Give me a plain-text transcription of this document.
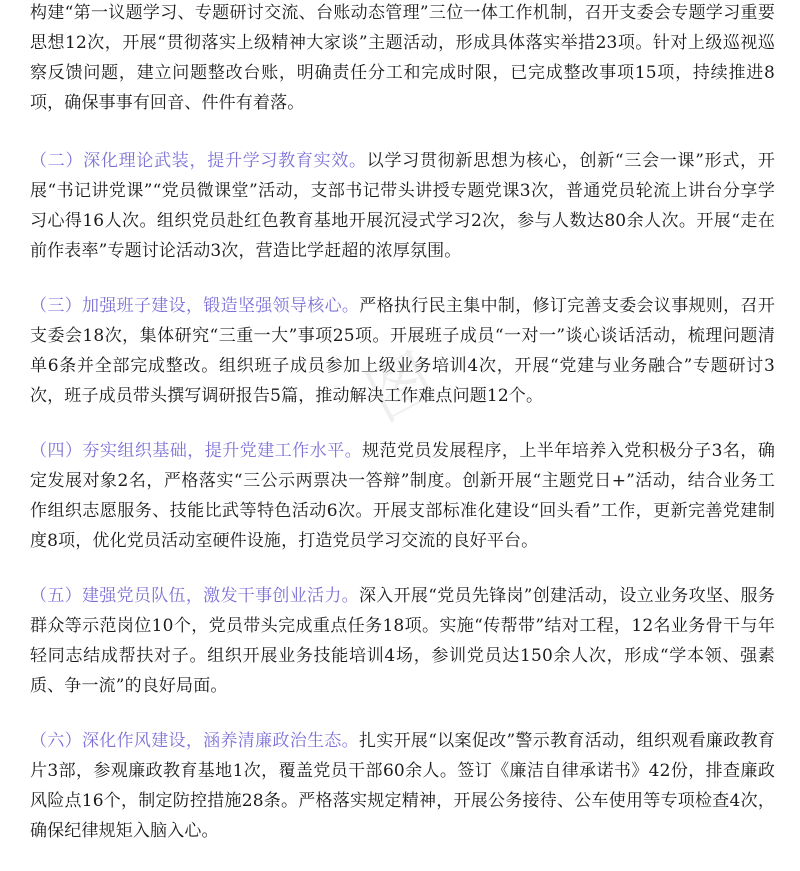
图

构建“第一议题学习、专题研讨交流、台账动态管理”三位一体工作机制，召开支委会专题学习重要思想12次，开展“贯彻落实上级精神大家谈”主题活动，形成具体落实举措23项。针对上级巡视巡察反馈问题，建立问题整改台账，明确责任分工和完成时限，已完成整改事项15项，持续推进8项，确保事事有回音、件件有着落。

（二）深化理论武装，提升学习教育实效。以学习贯彻新思想为核心，创新“三会一课”形式，开展“书记讲党课”“党员微课堂”活动，支部书记带头讲授专题党课3次，普通党员轮流上讲台分享学习心得16人次。组织党员赴红色教育基地开展沉浸式学习2次，参与人数达80余人次。开展“走在前作表率”专题讨论活动3次，营造比学赶超的浓厚氛围。

（三）加强班子建设，锻造坚强领导核心。严格执行民主集中制，修订完善支委会议事规则，召开支委会18次，集体研究“三重一大”事项25项。开展班子成员“一对一”谈心谈话活动，梳理问题清单6条并全部完成整改。组织班子成员参加上级业务培训4次，开展“党建与业务融合”专题研讨3次，班子成员带头撰写调研报告5篇，推动解决工作难点问题12个。

（四）夯实组织基础，提升党建工作水平。规范党员发展程序，上半年培养入党积极分子3名，确定发展对象2名，严格落实“三公示两票决一答辩”制度。创新开展“主题党日+”活动，结合业务工作组织志愿服务、技能比武等特色活动6次。开展支部标准化建设“回头看”工作，更新完善党建制度8项，优化党员活动室硬件设施，打造党员学习交流的良好平台。

（五）建强党员队伍，激发干事创业活力。深入开展“党员先锋岗”创建活动，设立业务攻坚、服务群众等示范岗位10个，党员带头完成重点任务18项。实施“传帮带”结对工程，12名业务骨干与年轻同志结成帮扶对子。组织开展业务技能培训4场，参训党员达150余人次，形成“学本领、强素质、争一流”的良好局面。

（六）深化作风建设，涵养清廉政治生态。扎实开展“以案促改”警示教育活动，组织观看廉政教育片3部，参观廉政教育基地1次，覆盖党员干部60余人。签订《廉洁自律承诺书》42份，排查廉政风险点16个，制定防控措施28条。严格落实规定精神，开展公务接待、公车使用等专项检查4次，确保纪律规矩入脑入心。
